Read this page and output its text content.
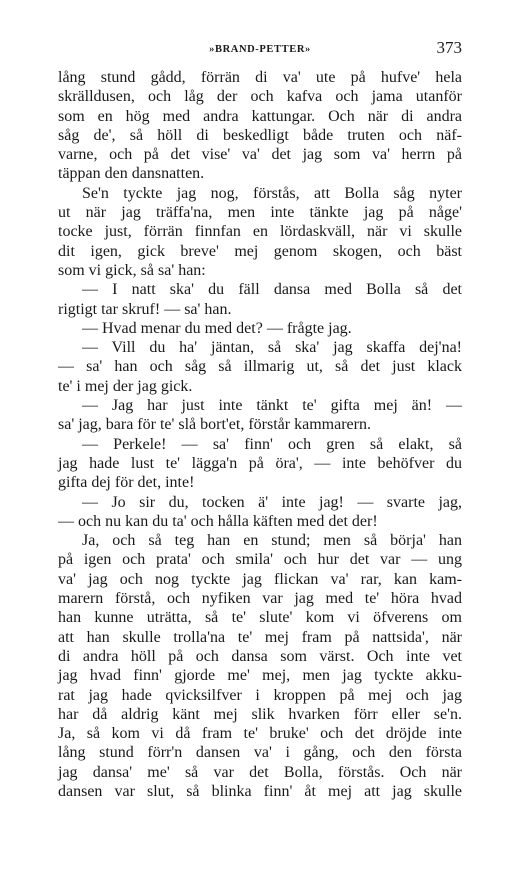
»BRAND-PETTER»	373
lång stund gådd, förrän di va' ute på hufve' hela
skrälldusen, och låg der och kafva och jama utanför
som en hög med andra kattungar. Och när di andra
såg de', så höll di beskedligt både truten och näf-
varne, och på det vise' va' det jag som va' herrn på
täppan den dansnatten.
Se'n tyckte jag nog, förstås, att Bolla såg nyter
ut när jag träffa'na, men inte tänkte jag på någe'
tocke just, förrän finnfan en lördaskväll, när vi skulle
dit igen, gick breve' mej genom skogen, och bäst
som vi gick, så sa' han:
— I natt ska' du fäll dansa med Bolla så det
rigtigt tar skruf! — sa' han.
— Hvad menar du med det? — frågte jag.
— Vill du ha' jäntan, så ska' jag skaffa dej'na!
— sa' han och såg så illmarig ut, så det just klack
te' i mej der jag gick.
— Jag har just inte tänkt te' gifta mej än! —
sa' jag, bara för te' slå bort'et, förstår kammarern.
— Perkele! — sa' finn' och gren så elakt, så
jag hade lust te' lägga'n på öra', — inte behöfver du
gifta dej för det, inte!
— Jo sir du, tocken ä' inte jag! — svarte jag,
— och nu kan du ta' och hålla käften med det der!
Ja, och så teg han en stund; men så börja' han
på igen och prata' och smila' och hur det var — ung
va' jag och nog tyckte jag flickan va' rar, kan kam-
marern förstå, och nyfiken var jag med te' höra hvad
han kunne uträtta, så te' slute' kom vi öfverens om
att han skulle trolla'na te' mej fram på nattsida', när
di andra höll på och dansa som värst. Och inte vet
jag hvad finn' gjorde me' mej, men jag tyckte akku-
rat jag hade qvicksilfver i kroppen på mej och jag
har då aldrig känt mej slik hvarken förr eller se'n.
Ja, så kom vi då fram te' bruke' och det dröjde inte
lång stund förr'n dansen va' i gång, och den första
jag dansa' me' så var det Bolla, förstås. Och när
dansen var slut, så blinka finn' åt mej att jag skulle
